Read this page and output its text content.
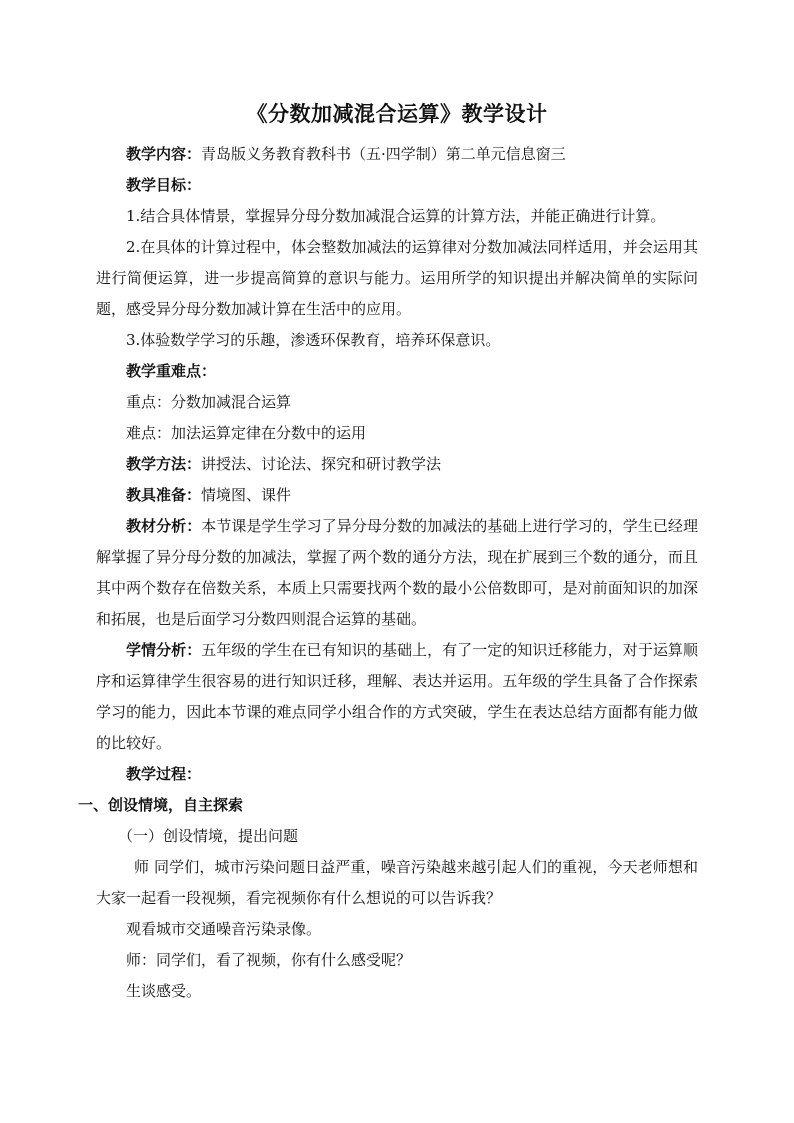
《分数加减混合运算》教学设计

教学内容：青岛版义务教育教科书（五·四学制）第二单元信息窗三

教学目标：

1.结合具体情景，掌握异分母分数加减混合运算的计算方法，并能正确进行计算。

2.在具体的计算过程中，体会整数加减法的运算律对分数加减法同样适用，并会运用其进行简便运算，进一步提高简算的意识与能力。运用所学的知识提出并解决简单的实际问题，感受异分母分数加减计算在生活中的应用。

3.体验数学学习的乐趣，渗透环保教育，培养环保意识。

教学重难点：

重点：分数加减混合运算

难点：加法运算定律在分数中的运用

教学方法：讲授法、讨论法、探究和研讨教学法

教具准备：情境图、课件

教材分析：本节课是学生学习了异分母分数的加减法的基础上进行学习的，学生已经理解掌握了异分母分数的加减法，掌握了两个数的通分方法，现在扩展到三个数的通分，而且其中两个数存在倍数关系，本质上只需要找两个数的最小公倍数即可，是对前面知识的加深和拓展，也是后面学习分数四则混合运算的基础。

学情分析：五年级的学生在已有知识的基础上，有了一定的知识迁移能力，对于运算顺序和运算律学生很容易的进行知识迁移，理解、表达并运用。五年级的学生具备了合作探索学习的能力，因此本节课的难点同学小组合作的方式突破，学生在表达总结方面都有能力做的比较好。

教学过程：

一、创设情境，自主探索

（一）创设情境，提出问题

师 同学们，城市污染问题日益严重，噪音污染越来越引起人们的重视，今天老师想和大家一起看一段视频，看完视频你有什么想说的可以告诉我？

观看城市交通噪音污染录像。

师：同学们，看了视频，你有什么感受呢？

生谈感受。
